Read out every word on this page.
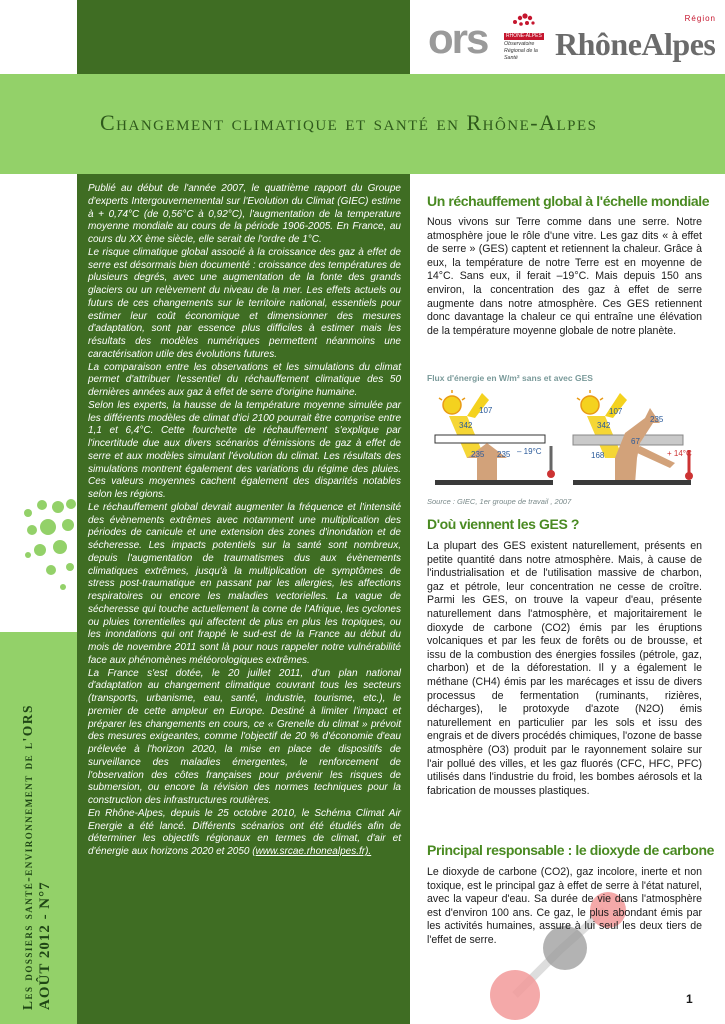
ors	RHÔNE-ALPES
Observatoire Régional de la Santé
Région
RhôneAlpes
Changement climatique et santé en Rhône-Alpes
Les dossiers santé-environnement de l'ORS AOÛT 2012 - N°7

Publié au début de l'année 2007, le quatrième rapport du Groupe d'experts Intergouvernemental sur l'Evolution du Climat (GIEC) estime à + 0,74°C (de 0,56°C à 0,92°C), l'augmentation de la temperature moyenne mondiale au cours de la période 1906-2005. En France, au cours du XX ème siècle, elle serait de l'ordre de 1°C.

Le risque climatique global associé à la croissance des gaz à effet de serre est désormais bien documenté : croissance des températures de plusieurs degrés, avec une augmentation de la fonte des grands glaciers ou un relèvement du niveau de la mer. Les effets actuels ou futurs de ces changements sur le territoire national, essentiels pour estimer leur coût économique et dimensionner des mesures d'adaptation, sont par essence plus difficiles à estimer mais les résultats des modèles numériques permettent néanmoins une caractérisation utile des évolutions futures.

La comparaison entre les observations et les simulations du climat permet d'attribuer l'essentiel du réchauffement climatique des 50 dernières années aux gaz à effet de serre d'origine humaine.

Selon les experts, la hausse de la température moyenne simulée par les différents modèles de climat d'ici 2100 pourrait être comprise entre 1,1 et 6,4°C. Cette fourchette de réchauffement s'explique par l'incertitude due aux divers scénarios d'émissions de gaz à effet de serre et aux modèles simulant l'évolution du climat. Les résultats des simulations montrent également des variations du régime des pluies. Ces valeurs moyennes cachent également des disparités notables selon les régions.

Le réchauffement global devrait augmenter la fréquence et l'intensité des évènements extrêmes avec notamment une multiplication des périodes de canicule et une extension des zones d'inondation et de sécheresse. Les impacts potentiels sur la santé sont nombreux, depuis l'augmentation de traumatismes dus aux évènements climatiques extrêmes, jusqu'à la multiplication de symptômes de stress post-traumatique en passant par les allergies, les affections respiratoires ou encore les maladies vectorielles. La vague de sécheresse qui touche actuellement la corne de l'Afrique, les cyclones ou pluies torrentielles qui affectent de plus en plus les tropiques, ou les inondations qui ont frappé le sud-est de la France au début du mois de novembre 2011 sont là pour nous rappeler notre vulnérabilité face aux phénomènes météorologiques extrêmes.

La France s'est dotée, le 20 juillet 2011, d'un plan national d'adaptation au changement climatique couvrant tous les secteurs (transports, urbanisme, eau, santé, industrie, tourisme, etc.), le premier de cette ampleur en Europe. Destiné à limiter l'impact et préparer les changements en cours, ce « Grenelle du climat » prévoit des mesures exigeantes, comme l'objectif de 20 % d'économie d'eau prélevée à l'horizon 2020, la mise en place de dispositifs de surveillance des maladies émergentes, le renforcement de l'observation des côtes françaises pour prévenir les risques de submersion, ou encore la révision des normes techniques pour la construction des infrastructures routières.

En Rhône-Alpes, depuis le 25 octobre 2010, le Schéma Climat Air Energie a été lancé. Différents scénarios ont été étudiés afin de déterminer les objectifs régionaux en termes de climat, d'air et d'énergie aux horizons 2020 et 2050 (www.srcae.rhonealpes.fr).

Un réchauffement global à l'échelle mondiale

Nous vivons sur Terre comme dans une serre. Notre atmosphère joue le rôle d'une vitre. Les gaz dits « à effet de serre » (GES) captent et retiennent la chaleur. Grâce à eux, la température de notre Terre est en moyenne de 14°C. Sans eux, il ferait –19°C. Mais depuis 150 ans environ, la concentration des gaz à effet de serre augmente dans notre atmosphère. Ces GES retiennent donc davantage la chaleur ce qui entraîne une élévation de la température moyenne globale de notre planète.

Flux d'énergie en W/m² sans et avec GES
342
107
235 235 – 19°C
342
107
235
67
168	+ 14°C
Source : GIEC, 1er groupe de travail , 2007
D'où viennent les GES ?

La plupart des GES existent naturellement, présents en petite quantité dans notre atmosphère. Mais, à cause de l'industrialisation et de l'utilisation massive de charbon, gaz et pétrole, leur concentration ne cesse de croître. Parmi les GES, on trouve la vapeur d'eau, présente naturellement dans l'atmosphère, et majoritairement le dioxyde de carbone (CO2) émis par les éruptions volcaniques et par les feux de forêts ou de brousse, et issu de la combustion des énergies fossiles (pétrole, gaz, charbon) et de la déforestation. Il y a également le méthane (CH4) émis par les marécages et issu de divers processus de fermentation (ruminants, rizières, décharges), le protoxyde d'azote (N2O) émis naturellement en particulier par les sols et issu des engrais et de divers procédés chimiques, l'ozone de basse atmosphère (O3) produit par le rayonnement solaire sur l'air pollué des villes, et les gaz fluorés (CFC, HFC, PFC) utilisés dans l'industrie du froid, les bombes aérosols et la fabrication de mousses plastiques.

Principal responsable : le dioxyde de carbone

Le dioxyde de carbone (CO2), gaz incolore, inerte et non toxique, est le principal gaz à effet de serre à l'état naturel, avec la vapeur d'eau. Sa durée de vie dans l'atmosphère est d'environ 100 ans. Ce gaz, le plus abondant émis par les activités humaines, assure à lui seul les deux tiers de l'effet de serre.

1
